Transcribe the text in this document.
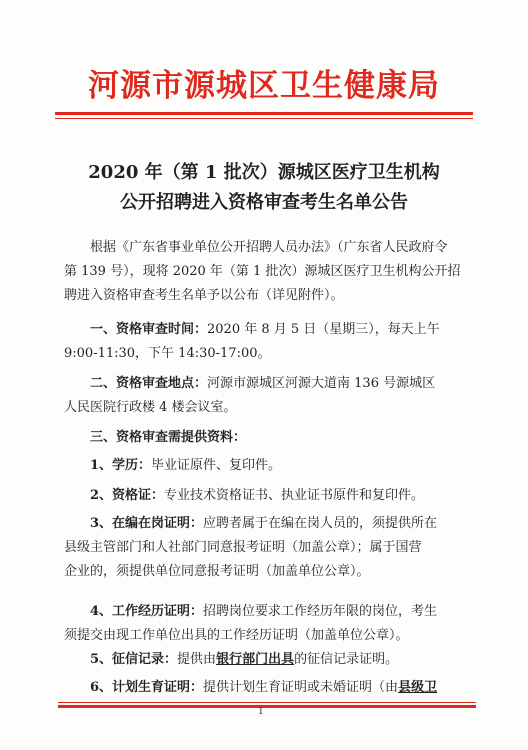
河源市源城区卫生健康局
2020 年（第 1 批次）源城区医疗卫生机构
公开招聘进入资格审查考生名单公告
根据《广东省事业单位公开招聘人员办法》（广东省人民政府令
第 139 号），现将 2020 年（第 1 批次）源城区医疗卫生机构公开招
聘进入资格审查考生名单予以公布（详见附件）。
一、资格审查时间：2020 年 8 月 5 日（星期三），每天上午
9:00-11:30，下午 14:30-17:00。
二、资格审查地点：河源市源城区河源大道南 136 号源城区
人民医院行政楼 4 楼会议室。
三、资格审查需提供资料：
1、学历：毕业证原件、复印件。
2、资格证：专业技术资格证书、执业证书原件和复印件。
3、在编在岗证明：应聘者属于在编在岗人员的，须提供所在
县级主管部门和人社部门同意报考证明（加盖公章）；属于国营
企业的，须提供单位同意报考证明（加盖单位公章）。
4、工作经历证明：招聘岗位要求工作经历年限的岗位，考生
须提交由现工作单位出具的工作经历证明（加盖单位公章）。
5、征信记录：提供由银行部门出具的征信记录证明。
6、计划生育证明：提供计划生育证明或未婚证明（由县级卫
1
